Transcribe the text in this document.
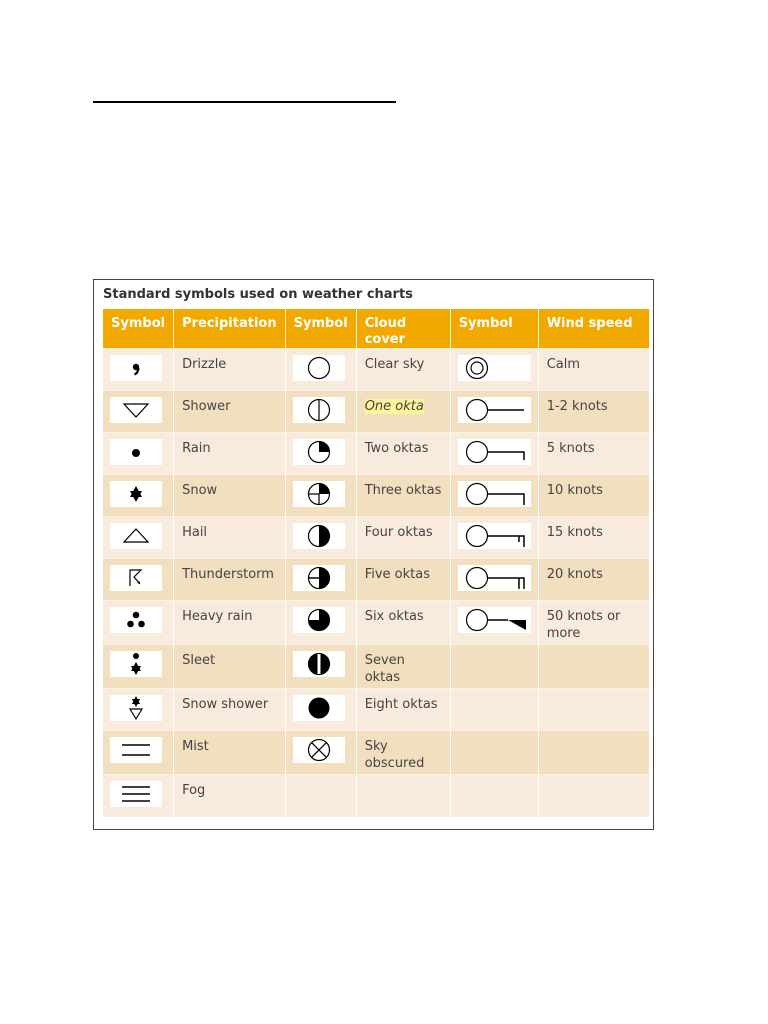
Standard symbols used on weather charts
Symbol	Precipitation	Symbol	Cloud cover	Symbol	Wind speed

	Drizzle		Clear sky		Calm

	Shower		One okta		1-2 knots

	Rain		Two oktas		5 knots

	Snow		Three oktas		10 knots

	Hail		Four oktas		15 knots

	Thunderstorm		Five oktas		20 knots

	Heavy rain		Six oktas		50 knots or more

	Sleet		Seven oktas		

	Snow shower		Eight oktas		

	Mist		Sky obscured		

	Fog				
